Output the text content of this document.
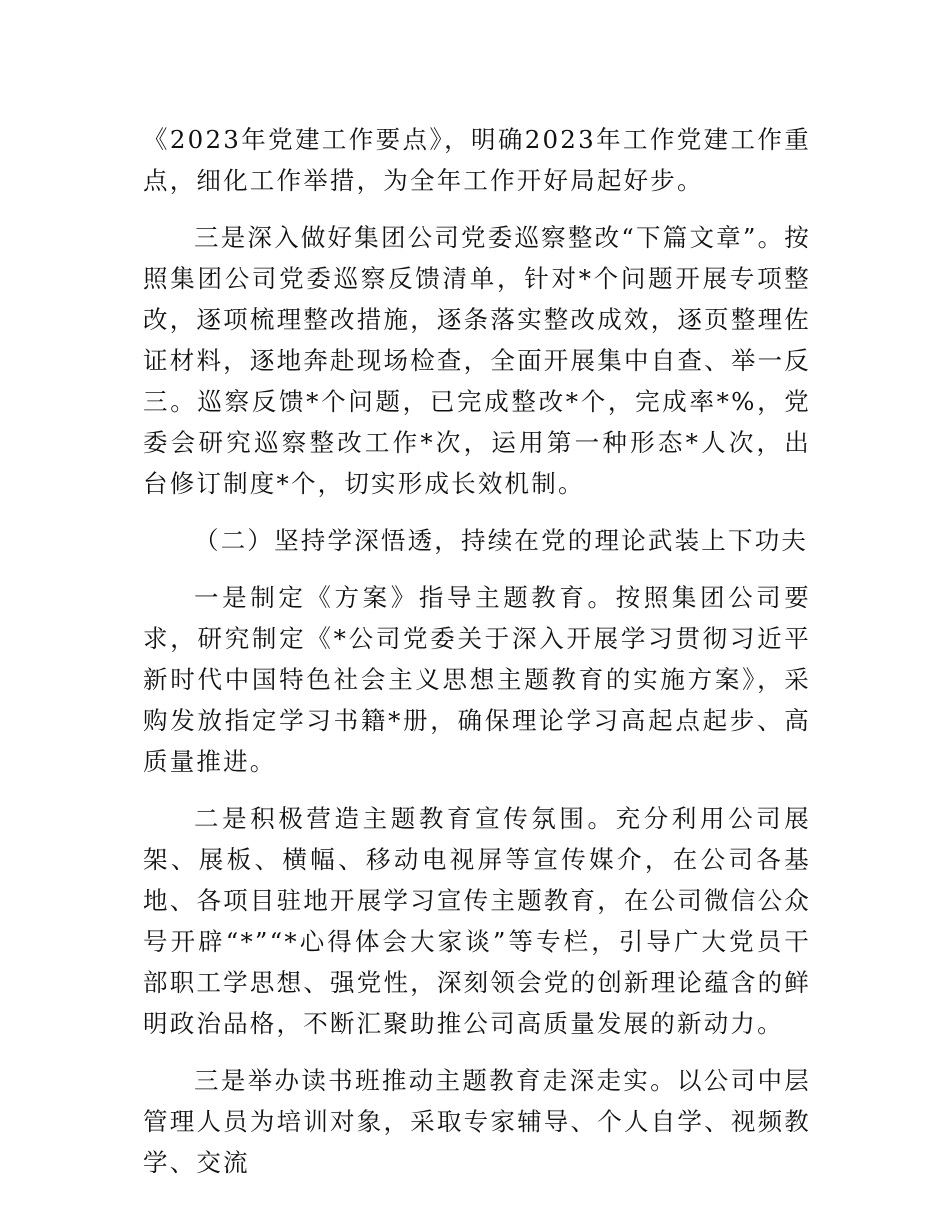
《2023年党建工作要点》，明确2023年工作党建工作重点，细化工作举措，为全年工作开好局起好步。

三是深入做好集团公司党委巡察整改“下篇文章”。按照集团公司党委巡察反馈清单，针对*个问题开展专项整改，逐项梳理整改措施，逐条落实整改成效，逐页整理佐证材料，逐地奔赴现场检查，全面开展集中自查、举一反三。巡察反馈*个问题，已完成整改*个，完成率*%，党委会研究巡察整改工作*次，运用第一种形态*人次，出台修订制度*个，切实形成长效机制。

（二）坚持学深悟透，持续在党的理论武装上下功夫

一是制定《方案》指导主题教育。按照集团公司要求，研究制定《*公司党委关于深入开展学习贯彻习近平新时代中国特色社会主义思想主题教育的实施方案》，采购发放指定学习书籍*册，确保理论学习高起点起步、高质量推进。

二是积极营造主题教育宣传氛围。充分利用公司展架、展板、横幅、移动电视屏等宣传媒介，在公司各基地、各项目驻地开展学习宣传主题教育，在公司微信公众号开辟“*”“*心得体会大家谈”等专栏，引导广大党员干部职工学思想、强党性，深刻领会党的创新理论蕴含的鲜明政治品格，不断汇聚助推公司高质量发展的新动力。

三是举办读书班推动主题教育走深走实。以公司中层管理人员为培训对象，采取专家辅导、个人自学、视频教学、交流
